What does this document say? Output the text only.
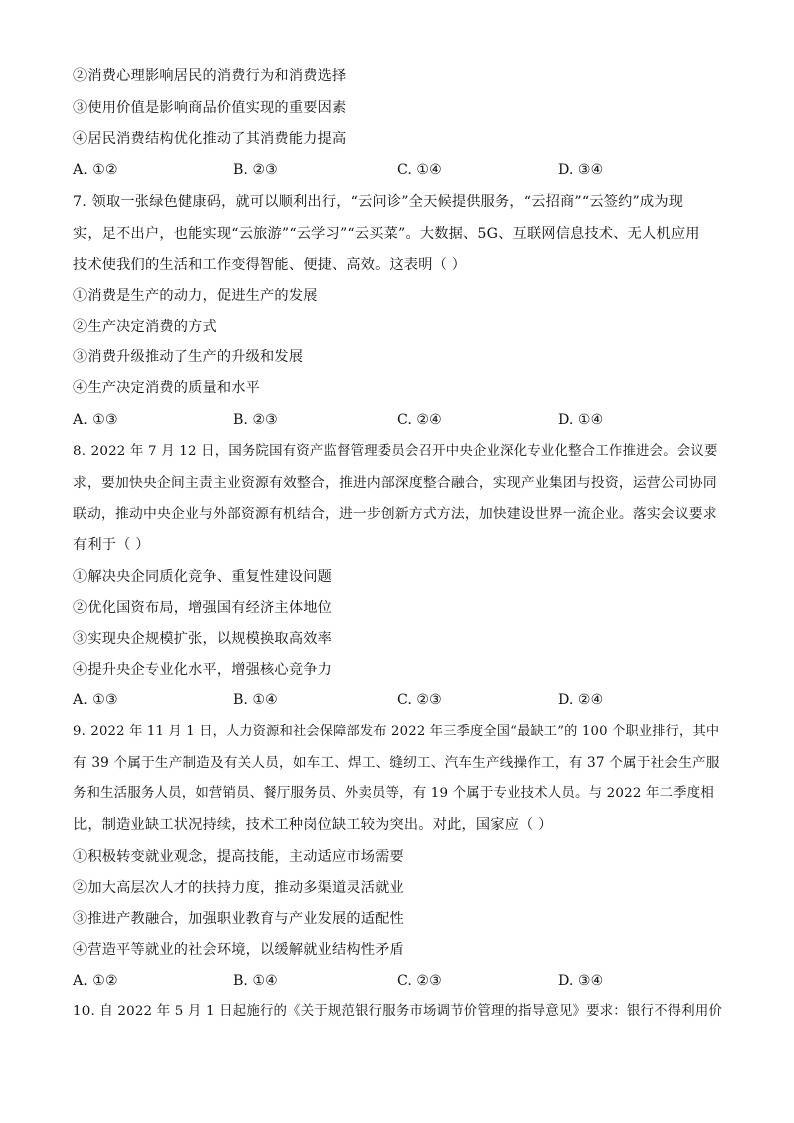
②消费心理影响居民的消费行为和消费选择
③使用价值是影响商品价值实现的重要因素
④居民消费结构优化推动了其消费能力提高
A. ①②	B. ②③	C. ①④	D. ③④
7. 领取一张绿色健康码，就可以顺利出行，“云问诊”全天候提供服务，“云招商”“云签约”成为现
实，足不出户，也能实现“云旅游”“云学习”“云买菜”。大数据、5G、互联网信息技术、无人机应用
技术使我们的生活和工作变得智能、便捷、高效。这表明（ ）
①消费是生产的动力，促进生产的发展
②生产决定消费的方式
③消费升级推动了生产的升级和发展
④生产决定消费的质量和水平
A. ①③	B. ②③	C. ②④	D. ①④
8. 2022 年 7 月 12 日，国务院国有资产监督管理委员会召开中央企业深化专业化整合工作推进会。会议要
求，要加快央企间主责主业资源有效整合，推进内部深度整合融合，实现产业集团与投资，运营公司协同
联动，推动中央企业与外部资源有机结合，进一步创新方式方法，加快建设世界一流企业。落实会议要求
有利于（ ）
①解决央企同质化竞争、重复性建设问题
②优化国资布局，增强国有经济主体地位
③实现央企规模扩张，以规模换取高效率
④提升央企专业化水平，增强核心竞争力
A. ①③	B. ①④	C. ②③	D. ②④
9. 2022 年 11 月 1 日，人力资源和社会保障部发布 2022 年三季度全国“最缺工”的 100 个职业排行，其中
有 39 个属于生产制造及有关人员，如车工、焊工、缝纫工、汽车生产线操作工，有 37 个属于社会生产服
务和生活服务人员，如营销员、餐厅服务员、外卖员等，有 19 个属于专业技术人员。与 2022 年二季度相
比，制造业缺工状况持续，技术工种岗位缺工较为突出。对此，国家应（ ）
①积极转变就业观念，提高技能，主动适应市场需要
②加大高层次人才的扶持力度，推动多渠道灵活就业
③推进产教融合，加强职业教育与产业发展的适配性
④营造平等就业的社会环境，以缓解就业结构性矛盾
A. ①②	B. ①④	C. ②③	D. ③④
10. 自 2022 年 5 月 1 日起施行的《关于规范银行服务市场调节价管理的指导意见》要求：银行不得利用价
